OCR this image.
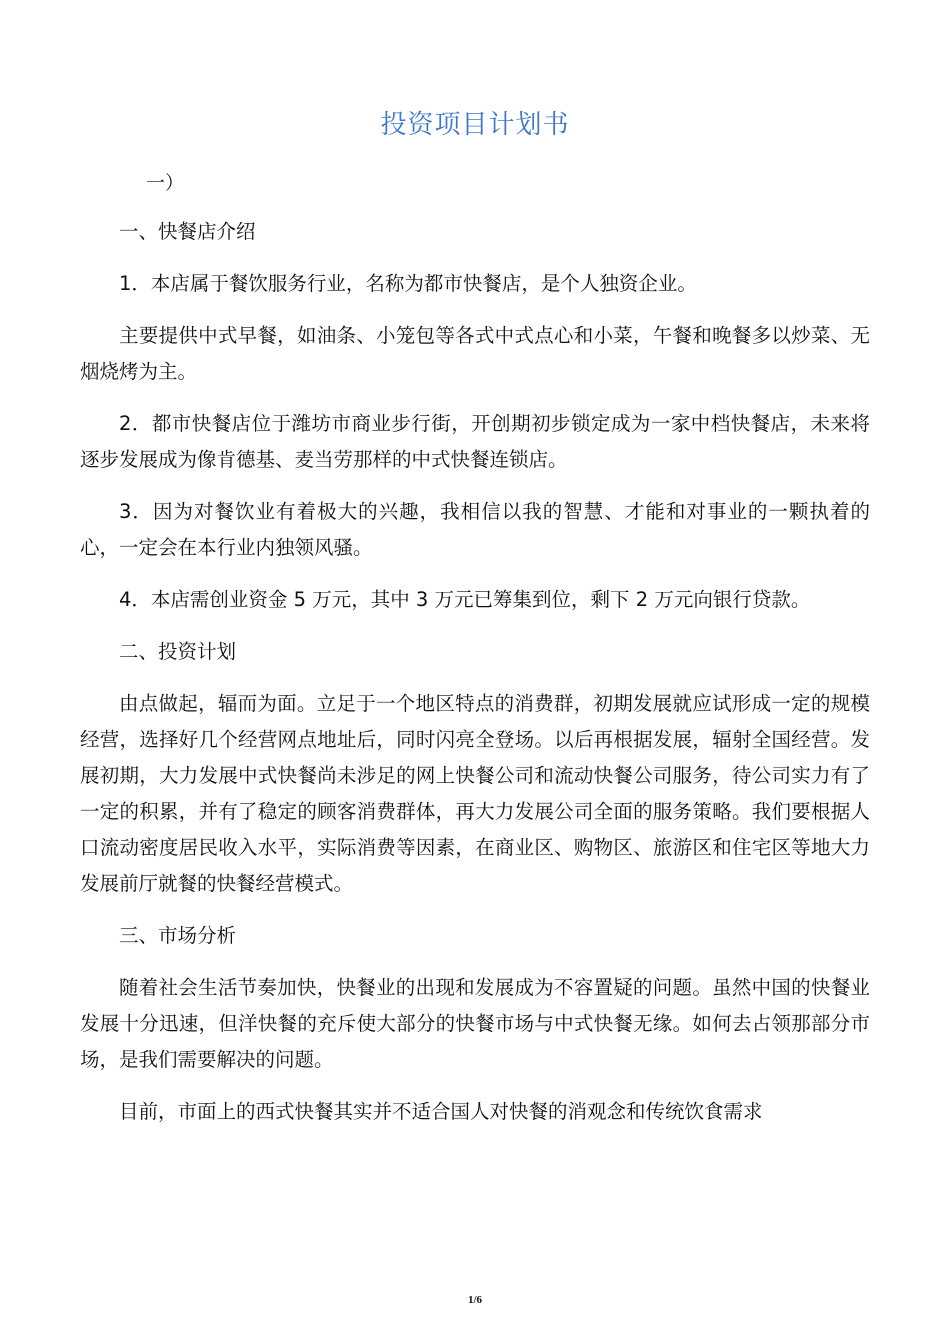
投资项目计划书
一）

一、快餐店介绍

1．本店属于餐饮服务行业，名称为都市快餐店，是个人独资企业。

主要提供中式早餐，如油条、小笼包等各式中式点心和小菜，午餐和晚餐多以炒菜、无烟烧烤为主。

2．都市快餐店位于潍坊市商业步行街，开创期初步锁定成为一家中档快餐店，未来将逐步发展成为像肯德基、麦当劳那样的中式快餐连锁店。

3．因为对餐饮业有着极大的兴趣，我相信以我的智慧、才能和对事业的一颗执着的心，一定会在本行业内独领风骚。

4．本店需创业资金 5 万元，其中 3 万元已筹集到位，剩下 2 万元向银行贷款。

二、投资计划

由点做起，辐而为面。立足于一个地区特点的消费群，初期发展就应试形成一定的规模经营，选择好几个经营网点地址后，同时闪亮全登场。以后再根据发展，辐射全国经营。发展初期，大力发展中式快餐尚未涉足的网上快餐公司和流动快餐公司服务，待公司实力有了一定的积累，并有了稳定的顾客消费群体，再大力发展公司全面的服务策略。我们要根据人口流动密度居民收入水平，实际消费等因素，在商业区、购物区、旅游区和住宅区等地大力发展前厅就餐的快餐经营模式。

三、市场分析

随着社会生活节奏加快，快餐业的出现和发展成为不容置疑的问题。虽然中国的快餐业发展十分迅速，但洋快餐的充斥使大部分的快餐市场与中式快餐无缘。如何去占领那部分市场，是我们需要解决的问题。

目前，市面上的西式快餐其实并不适合国人对快餐的消观念和传统饮食需求

1/6
